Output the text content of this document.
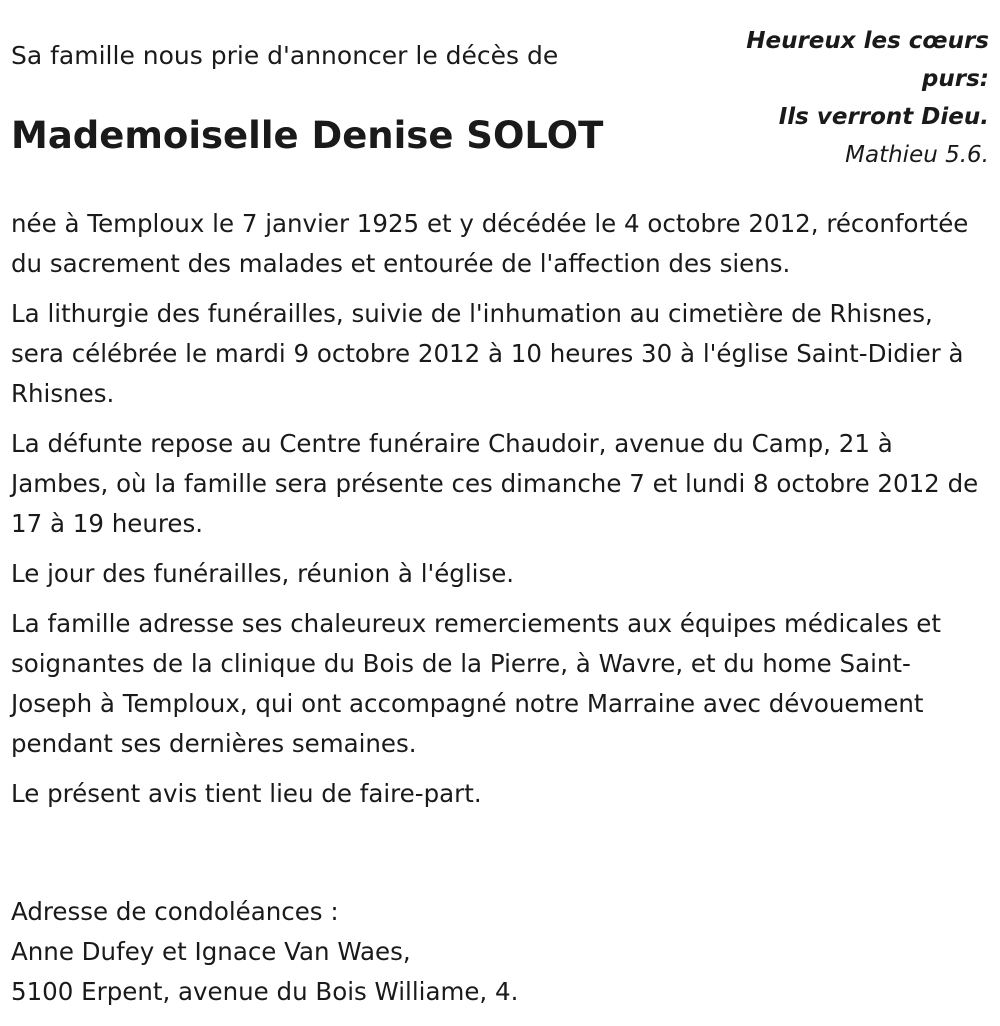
Sa famille nous prie d'annoncer le décès de
Mademoiselle Denise SOLOT
Heureux les cœurs
purs:
Ils verront Dieu.
Mathieu 5.6.

née à Temploux le 7 janvier 1925 et y décédée le 4 octobre 2012, réconfortée du sacrement des malades et entourée de l'affection des siens.

La lithurgie des funérailles, suivie de l'inhumation au cimetière de Rhisnes, sera célébrée le mardi 9 octobre 2012 à 10 heures 30 à l'église Saint-Didier à Rhisnes.

La défunte repose au Centre funéraire Chaudoir, avenue du Camp, 21 à Jambes, où la famille sera présente ces dimanche 7 et lundi 8 octobre 2012 de 17 à 19 heures.

Le jour des funérailles, réunion à l'église.

La famille adresse ses chaleureux remerciements aux équipes médicales et soignantes de la clinique du Bois de la Pierre, à Wavre, et du home Saint-Joseph à Temploux, qui ont accompagné notre Marraine avec dévouement pendant ses dernières semaines.

Le présent avis tient lieu de faire-part.

Adresse de condoléances :
Anne Dufey et Ignace Van Waes,
5100 Erpent, avenue du Bois Williame, 4.
